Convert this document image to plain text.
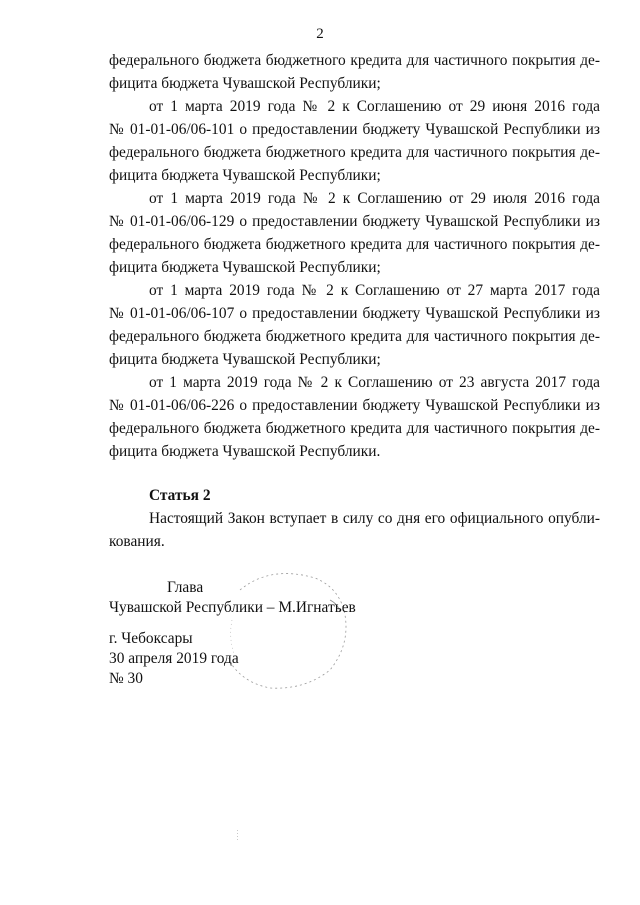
2

федерального бюджета бюджетного кредита для частичного покрытия де-

фицита бюджета Чувашской Республики;

от 1 марта 2019 года № 2 к Соглашению от 29 июня 2016 года

№ 01-01-06/06-101 о предоставлении бюджету Чувашской Республики из

федерального бюджета бюджетного кредита для частичного покрытия де-

фицита бюджета Чувашской Республики;

от 1 марта 2019 года № 2 к Соглашению от 29 июля 2016 года

№ 01-01-06/06-129 о предоставлении бюджету Чувашской Республики из

федерального бюджета бюджетного кредита для частичного покрытия де-

фицита бюджета Чувашской Республики;

от 1 марта 2019 года № 2 к Соглашению от 27 марта 2017 года

№ 01-01-06/06-107 о предоставлении бюджету Чувашской Республики из

федерального бюджета бюджетного кредита для частичного покрытия де-

фицита бюджета Чувашской Республики;

от 1 марта 2019 года № 2 к Соглашению от 23 августа 2017 года

№ 01-01-06/06-226 о предоставлении бюджету Чувашской Республики из

федерального бюджета бюджетного кредита для частичного покрытия де-

фицита бюджета Чувашской Республики.

Статья 2

Настоящий Закон вступает в силу со дня его официального опубли-

кования.

Глава

Чувашской Республики – М.Игнатьев

г. Чебоксары

30 апреля 2019 года

№ 30
